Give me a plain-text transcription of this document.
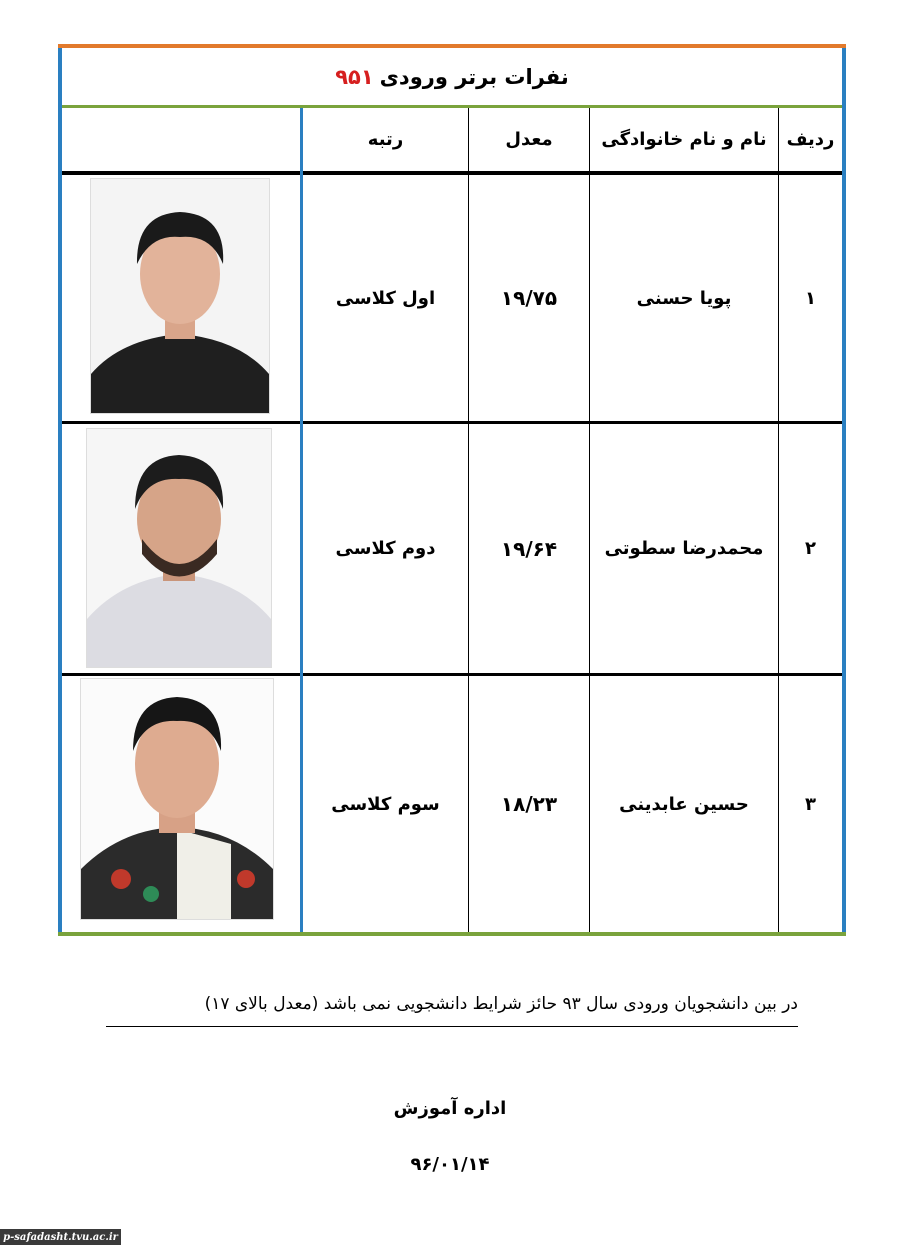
نفرات برتر ورودی
۹۵۱
ردیف
نام و نام خانوادگی
معدل
رتبه
۱
پویا حسنی
۱۹/۷۵
اول کلاسی
۲
محمدرضا سطوتی
۱۹/۶۴
دوم کلاسی
۳
حسین عابدینی
۱۸/۲۳
سوم کلاسی
در بین دانشجویان ورودی سال ۹۳ حائز شرایط دانشجویی نمی باشد (معدل بالای ۱۷)
اداره آموزش
۹۶/۰۱/۱۴
p-safadasht.tvu.ac.ir
